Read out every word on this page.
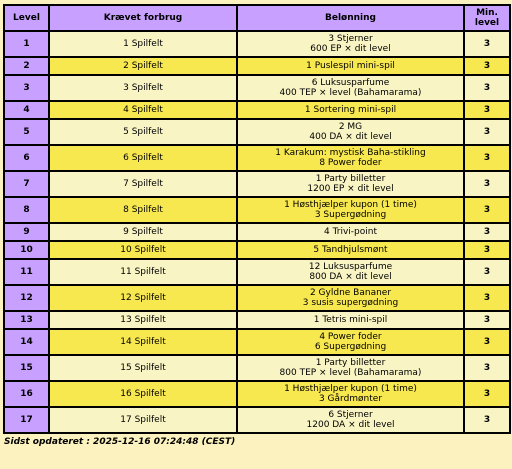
Level	Krævet forbrug	Belønning	Min. level
1	1 Spilfelt	3 Stjerner
600 EP × dit level	3
2	2 Spilfelt	1 Puslespil mini-spil	3
3	3 Spilfelt	6 Luksusparfume
400 TEP × level (Bahamarama)	3
4	4 Spilfelt	1 Sortering mini-spil	3
5	5 Spilfelt	2 MG
400 DA × dit level	3
6	6 Spilfelt	1 Karakum: mystisk Baha-stikling
8 Power foder	3
7	7 Spilfelt	1 Party billetter
1200 EP × dit level	3
8	8 Spilfelt	1 Høsthjælper kupon (1 time)
3 Supergødning	3
9	9 Spilfelt	4 Trivi-point	3
10	10 Spilfelt	5 Tandhjulsmønt	3
11	11 Spilfelt	12 Luksusparfume
800 DA × dit level	3
12	12 Spilfelt	2 Gyldne Bananer
3 susis supergødning	3
13	13 Spilfelt	1 Tetris mini-spil	3
14	14 Spilfelt	4 Power foder
6 Supergødning	3
15	15 Spilfelt	1 Party billetter
800 TEP × level (Bahamarama)	3
16	16 Spilfelt	1 Høsthjælper kupon (1 time)
3 Gårdmønter	3
17	17 Spilfelt	6 Stjerner
1200 DA × dit level	3
Sidst opdateret : 2025-12-16 07:24:48 (CEST)
